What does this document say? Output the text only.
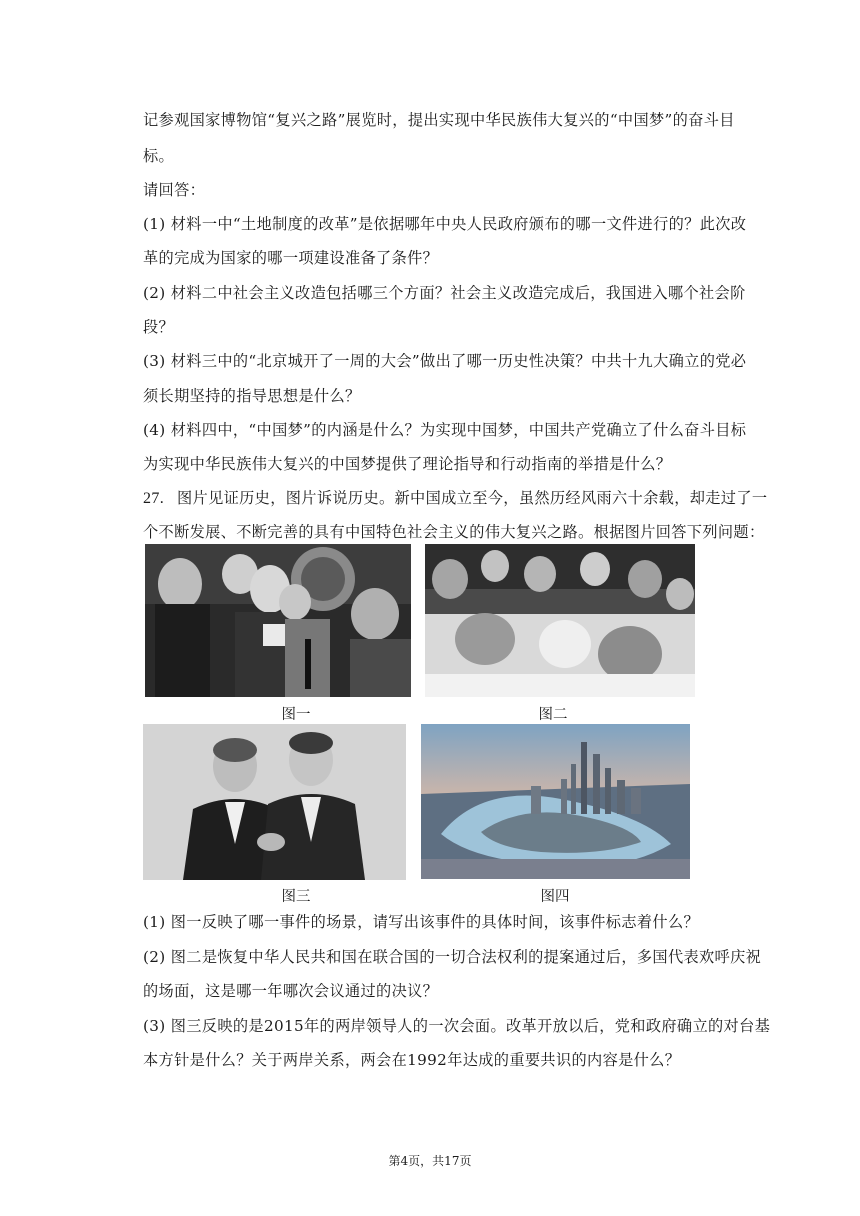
记参观国家博物馆“复兴之路”展览时，提出实现中华民族伟大复兴的“中国梦”的奋斗目
标。
请回答：
(1) 材料一中“土地制度的改革”是依据哪年中央人民政府颁布的哪一文件进行的？此次改
革的完成为国家的哪一项建设准备了条件？
(2) 材料二中社会主义改造包括哪三个方面？社会主义改造完成后，我国进入哪个社会阶
段？
(3) 材料三中的“北京城开了一周的大会”做出了哪一历史性决策？中共十九大确立的党必
须长期坚持的指导思想是什么？
(4) 材料四中，“中国梦”的内涵是什么？为实现中国梦，中国共产党确立了什么奋斗目标
为实现中华民族伟大复兴的中国梦提供了理论指导和行动指南的举措是什么？
27. 图片见证历史，图片诉说历史。新中国成立至今，虽然历经风雨六十余载，却走过了一
个不断发展、不断完善的具有中国特色社会主义的伟大复兴之路。根据图片回答下列问题：
图一	图二
图三	图四
(1) 图一反映了哪一事件的场景，请写出该事件的具体时间，该事件标志着什么？
(2) 图二是恢复中华人民共和国在联合国的一切合法权利的提案通过后，多国代表欢呼庆祝
的场面，这是哪一年哪次会议通过的决议？
(3) 图三反映的是2015年的两岸领导人的一次会面。改革开放以后，党和政府确立的对台基
本方针是什么？关于两岸关系，两会在1992年达成的重要共识的内容是什么？
第4页，共17页
